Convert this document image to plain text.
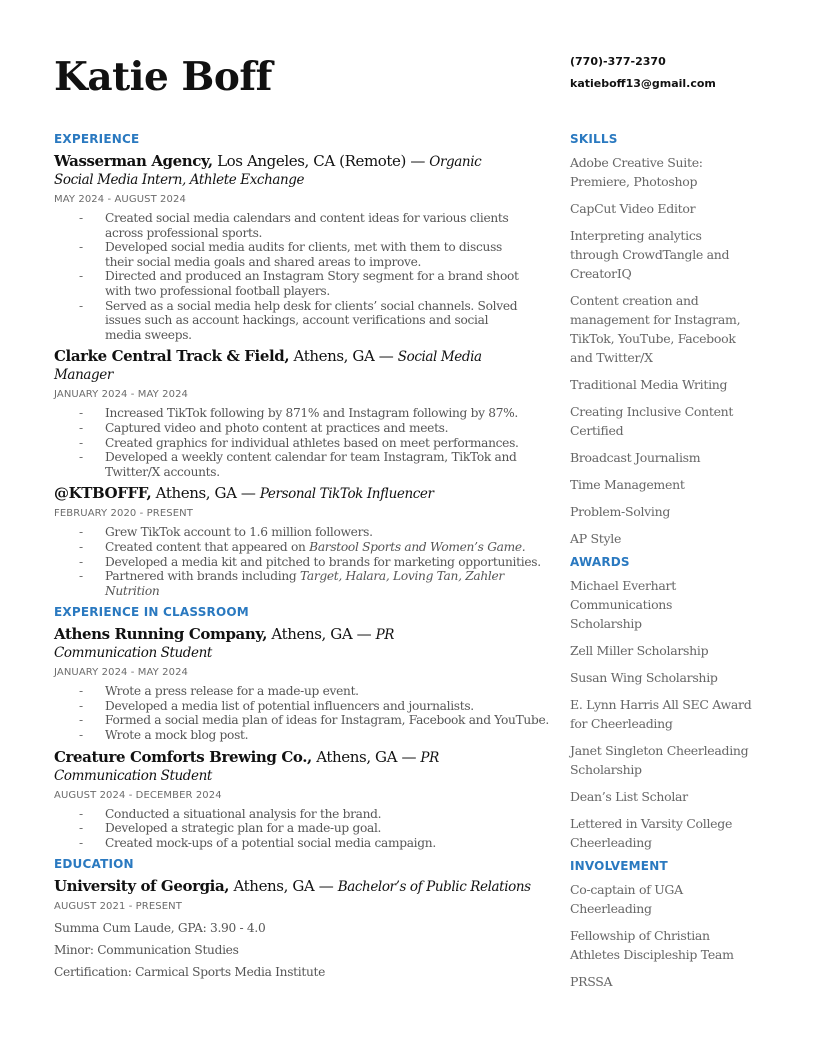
Katie Boff	(770)-377-2370
katieboff13@gmail.com
EXPERIENCE
Wasserman Agency, Los Angeles, CA (Remote) — Organic Social Media Intern, Athlete Exchange
MAY 2024 - AUGUST 2024
- Created social media calendars and content ideas for various clients across professional sports.
- Developed social media audits for clients, met with them to discuss their social media goals and shared areas to improve.
- Directed and produced an Instagram Story segment for a brand shoot with two professional football players.
- Served as a social media help desk for clients’ social channels. Solved issues such as account hackings, account verifications and social media sweeps.
Clarke Central Track & Field, Athens, GA — Social Media Manager
JANUARY 2024 - MAY 2024
- Increased TikTok following by 871% and Instagram following by 87%.
- Captured video and photo content at practices and meets.
- Created graphics for individual athletes based on meet performances.
- Developed a weekly content calendar for team Instagram, TikTok and Twitter/X accounts.
@KTBOFFF, Athens, GA — Personal TikTok Influencer
FEBRUARY 2020 - PRESENT
- Grew TikTok account to 1.6 million followers.
- Created content that appeared on Barstool Sports and Women’s Game.
- Developed a media kit and pitched to brands for marketing opportunities.
- Partnered with brands including Target, Halara, Loving Tan, Zahler Nutrition
EXPERIENCE IN CLASSROOM
Athens Running Company, Athens, GA — PR Communication Student
JANUARY 2024 - MAY 2024
- Wrote a press release for a made-up event.
- Developed a media list of potential influencers and journalists.
- Formed a social media plan of ideas for Instagram, Facebook and YouTube.
- Wrote a mock blog post.
Creature Comforts Brewing Co., Athens, GA — PR Communication Student
AUGUST 2024 - DECEMBER 2024
- Conducted a situational analysis for the brand.
- Developed a strategic plan for a made-up goal.
- Created mock-ups of a potential social media campaign.
EDUCATION
University of Georgia, Athens, GA — Bachelor’s of Public Relations
AUGUST 2021 - PRESENT
Summa Cum Laude, GPA: 3.90 - 4.0
Minor: Communication Studies
Certification: Carmical Sports Media Institute
SKILLS
Adobe Creative Suite: Premiere, Photoshop
CapCut Video Editor
Interpreting analytics through CrowdTangle and CreatorIQ
Content creation and management for Instagram, TikTok, YouTube, Facebook and Twitter/X
Traditional Media Writing
Creating Inclusive Content Certified
Broadcast Journalism
Time Management
Problem-Solving
AP Style
AWARDS
Michael Everhart Communications Scholarship
Zell Miller Scholarship
Susan Wing Scholarship
E. Lynn Harris All SEC Award for Cheerleading
Janet Singleton Cheerleading Scholarship
Dean’s List Scholar
Lettered in Varsity College Cheerleading
INVOLVEMENT
Co-captain of UGA Cheerleading
Fellowship of Christian Athletes Discipleship Team
PRSSA
